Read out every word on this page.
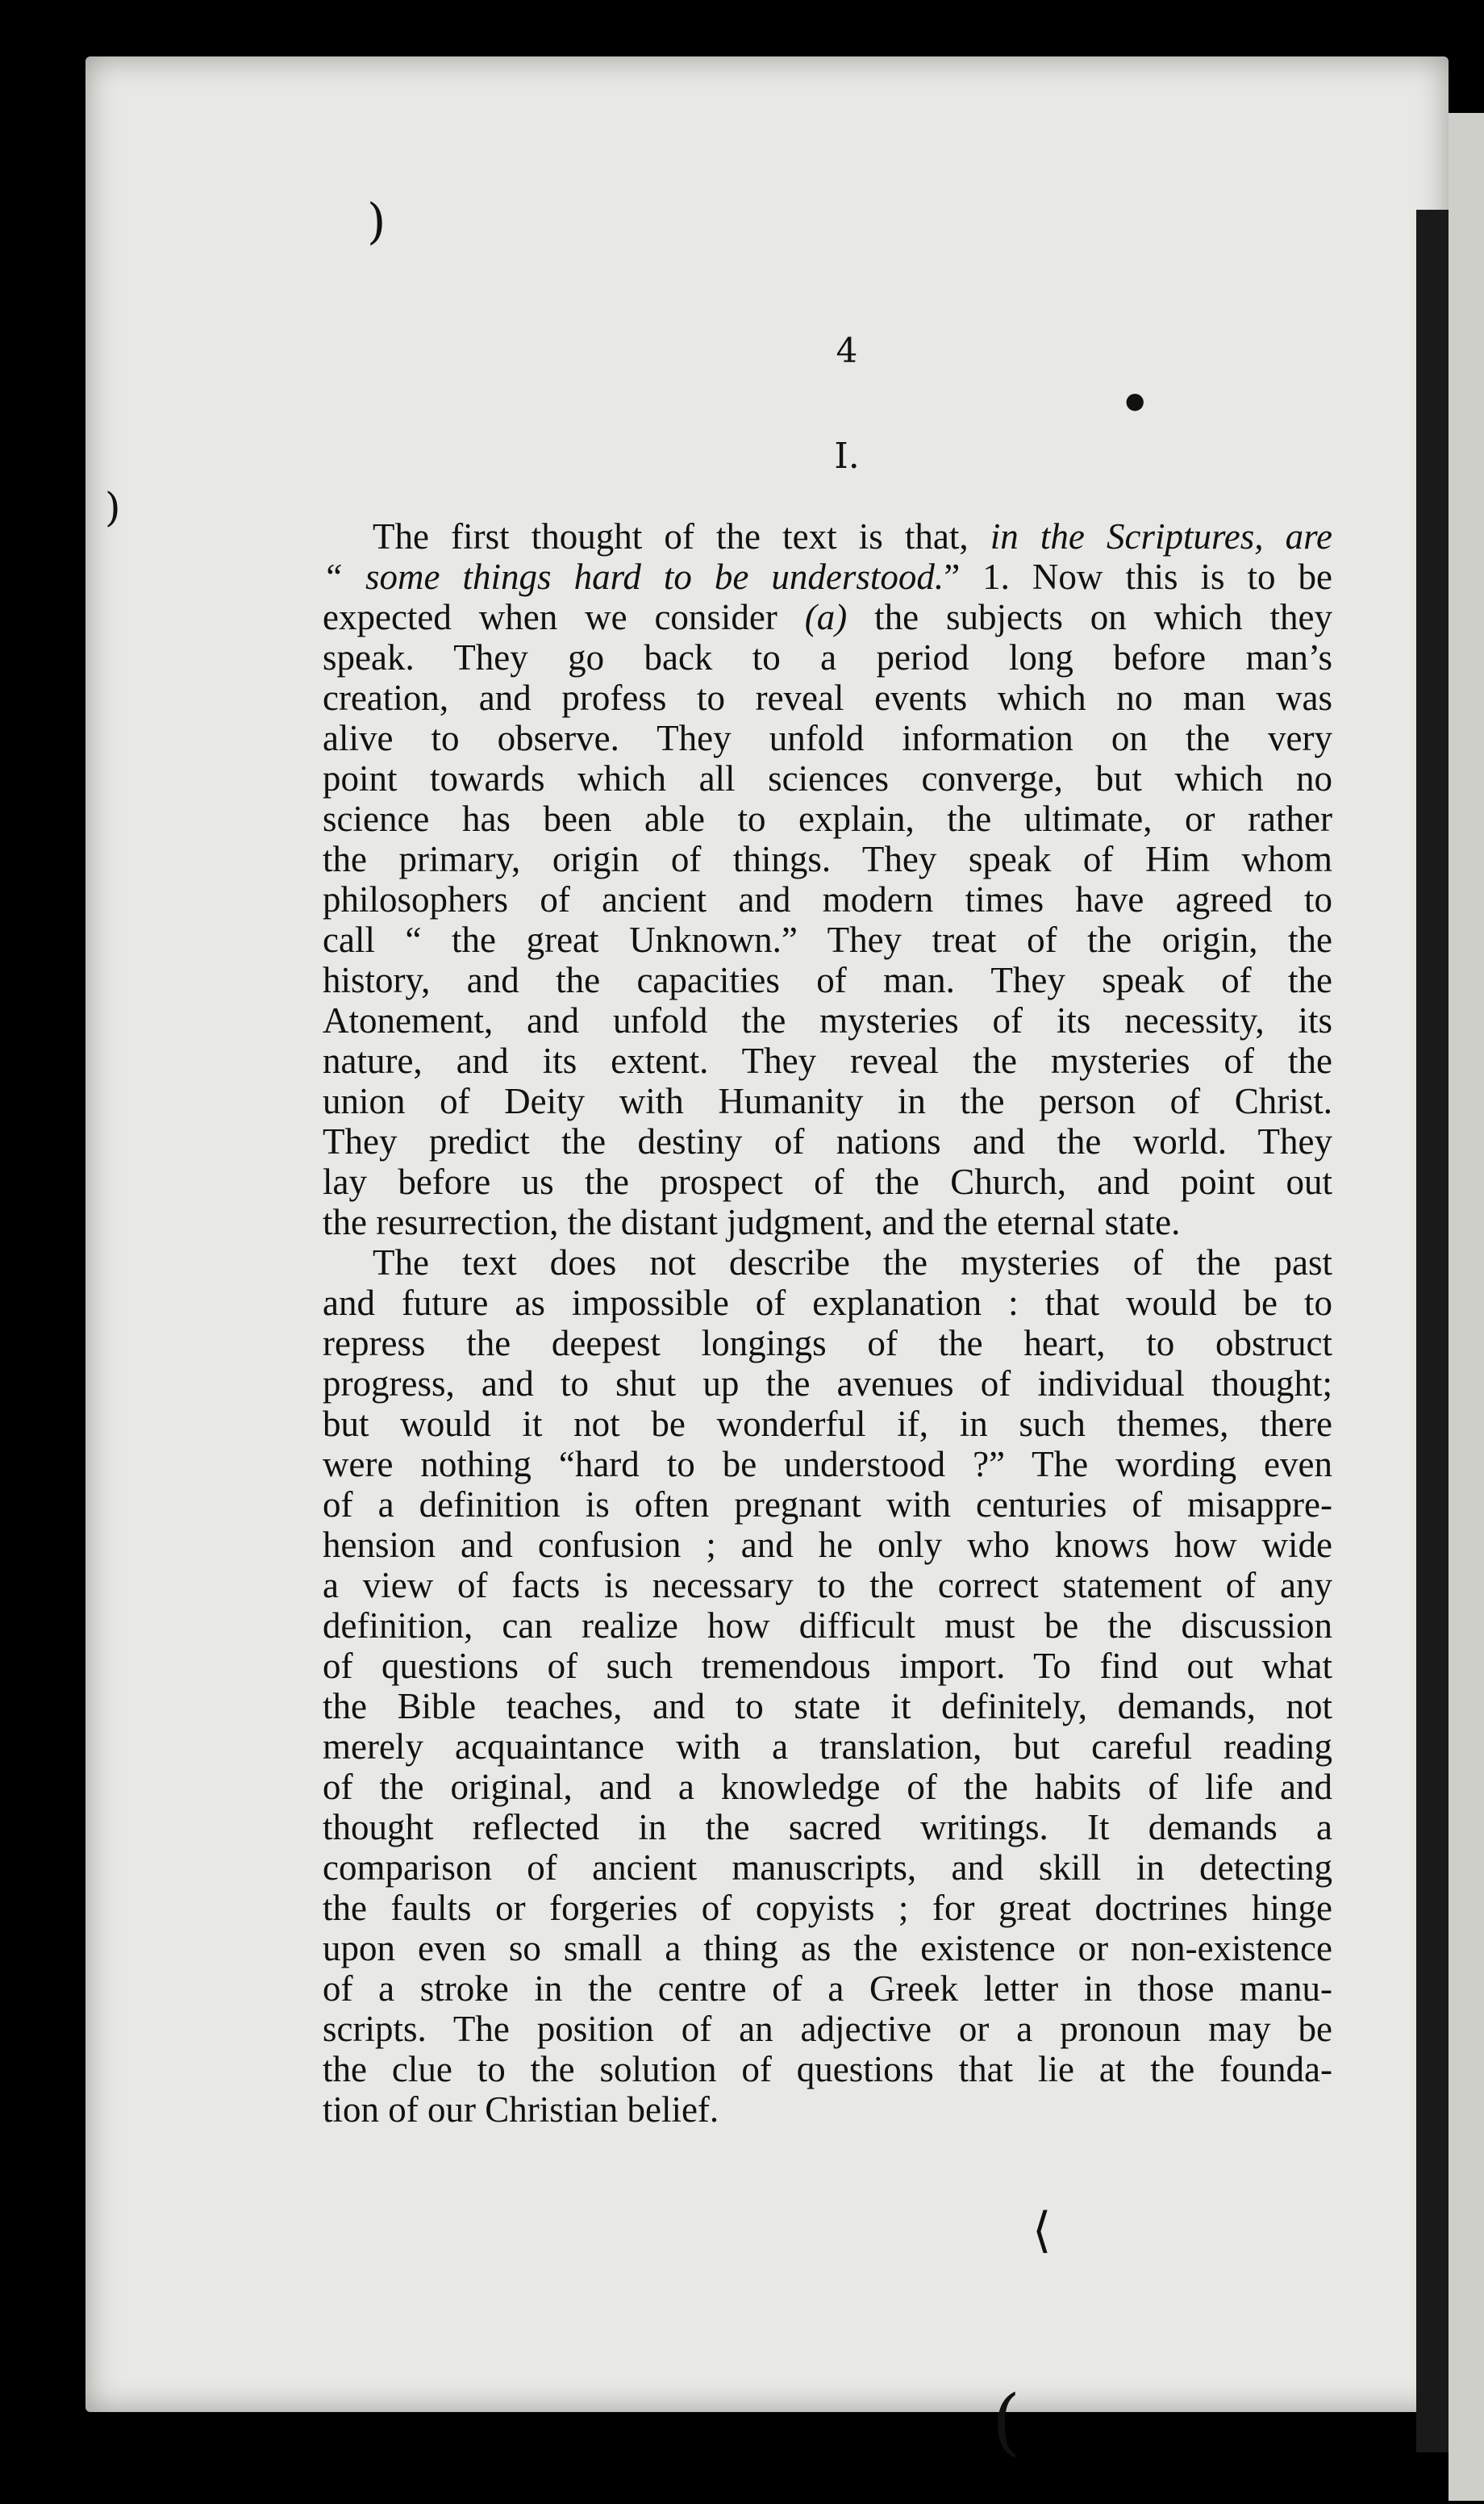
)
)
●
⟨
(
4
I.
The first thought of the text is that, in the Scriptures, are
“ some things hard to be understood.” 1. Now this is to be
expected when we consider (a) the subjects on which they
speak. They go back to a period long before man’s
creation, and profess to reveal events which no man was
alive to observe. They unfold information on the very
point towards which all sciences converge, but which no
science has been able to explain, the ultimate, or rather
the primary, origin of things. They speak of Him whom
philosophers of ancient and modern times have agreed to
call “ the great Unknown.” They treat of the origin, the
history, and the capacities of man. They speak of the
Atonement, and unfold the mysteries of its necessity, its
nature, and its extent. They reveal the mysteries of the
union of Deity with Humanity in the person of Christ.
They predict the destiny of nations and the world. They
lay before us the prospect of the Church, and point out
the resurrection, the distant judgment, and the eternal state.
The text does not describe the mysteries of the past
and future as impossible of explanation : that would be to
repress the deepest longings of the heart, to obstruct
progress, and to shut up the avenues of individual thought;
but would it not be wonderful if, in such themes, there
were nothing “hard to be understood ?” The wording even
of a definition is often pregnant with centuries of misappre-
hension and confusion ; and he only who knows how wide
a view of facts is necessary to the correct statement of any
definition, can realize how difficult must be the discussion
of questions of such tremendous import. To find out what
the Bible teaches, and to state it definitely, demands, not
merely acquaintance with a translation, but careful reading
of the original, and a knowledge of the habits of life and
thought reflected in the sacred writings. It demands a
comparison of ancient manuscripts, and skill in detecting
the faults or forgeries of copyists ; for great doctrines hinge
upon even so small a thing as the existence or non-existence
of a stroke in the centre of a Greek letter in those manu-
scripts. The position of an adjective or a pronoun may be
the clue to the solution of questions that lie at the founda-
tion of our Christian belief.
